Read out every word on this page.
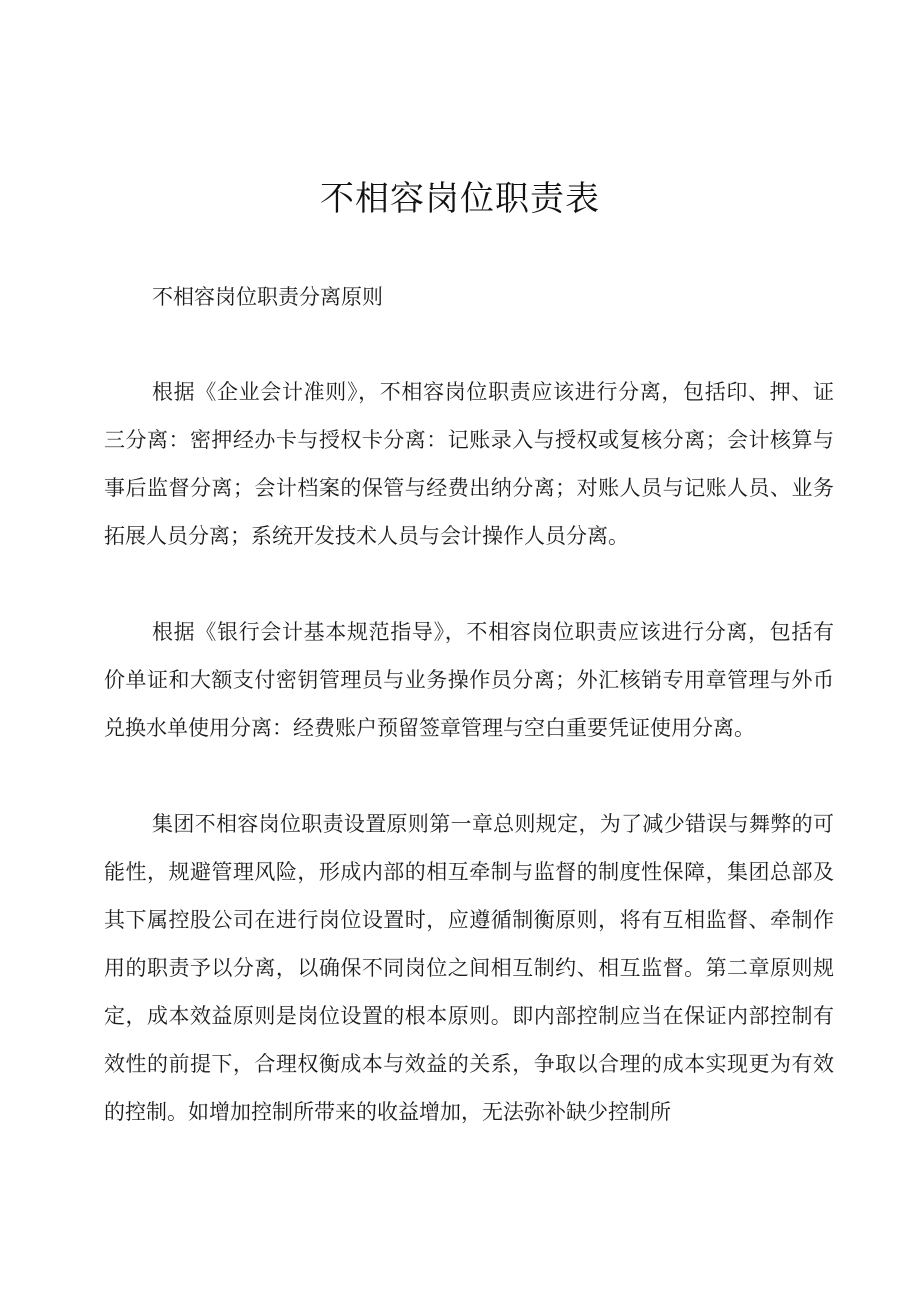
不相容岗位职责表

不相容岗位职责分离原则

根据《企业会计准则》，不相容岗位职责应该进行分离，包括印、押、证三分离：密押经办卡与授权卡分离：记账录入与授权或复核分离；会计核算与事后监督分离；会计档案的保管与经费出纳分离；对账人员与记账人员、业务拓展人员分离；系统开发技术人员与会计操作人员分离。

根据《银行会计基本规范指导》，不相容岗位职责应该进行分离，包括有价单证和大额支付密钥管理员与业务操作员分离；外汇核销专用章管理与外币兑换水单使用分离：经费账户预留签章管理与空白重要凭证使用分离。

集团不相容岗位职责设置原则第一章总则规定，为了减少错误与舞弊的可能性，规避管理风险，形成内部的相互牵制与监督的制度性保障，集团总部及其下属控股公司在进行岗位设置时，应遵循制衡原则，将有互相监督、牵制作用的职责予以分离，以确保不同岗位之间相互制约、相互监督。第二章原则规定，成本效益原则是岗位设置的根本原则。即内部控制应当在保证内部控制有效性的前提下，合理权衡成本与效益的关系，争取以合理的成本实现更为有效的控制。如增加控制所带来的收益增加，无法弥补缺少控制所
